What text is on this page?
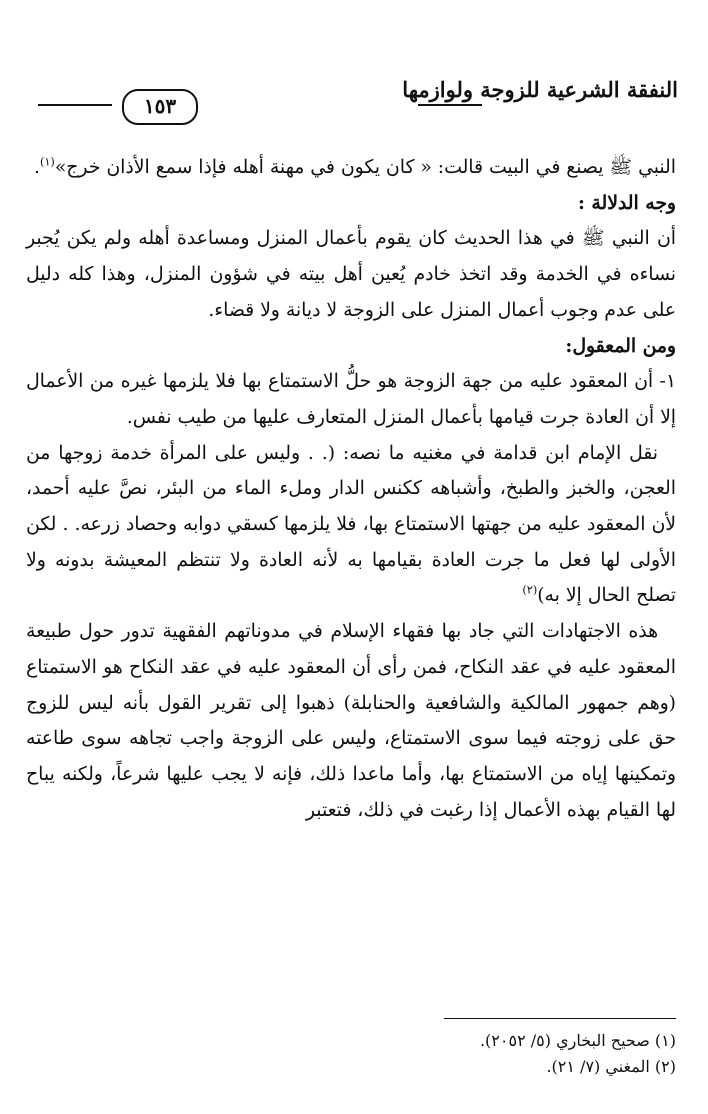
النفقة الشرعية للزوجة ولوازمها
١٥٣

النبي ﷺ يصنع في البيت قالت: « كان يكون في مهنة أهله فإذا سمع الأذان خرج»$^{(١)}$.

وجه الدلالة :

أن النبي ﷺ في هذا الحديث كان يقوم بأعمال المنزل ومساعدة أهله ولم يكن يُجبر نساءه في الخدمة وقد اتخذ خادم يُعين أهل بيته في شؤون المنزل، وهذا كله دليل على عدم وجوب أعمال المنزل على الزوجة لا ديانة ولا قضاء.

ومن المعقول:

١- أن المعقود عليه من جهة الزوجة هو حلُّ الاستمتاع بها فلا يلزمها غيره من الأعمال إلا أن العادة جرت قيامها بأعمال المنزل المتعارف عليها من طيب نفس.

نقل الإمام ابن قدامة في مغنيه ما نصه: (. . وليس على المرأة خدمة زوجها من العجن، والخبز والطبخ، وأشباهه ككنس الدار وملء الماء من البئر، نصَّ عليه أحمد، لأن المعقود عليه من جهتها الاستمتاع بها، فلا يلزمها كسقي دوابه وحصاد زرعه. . لكن الأولى لها فعل ما جرت العادة بقيامها به لأنه العادة ولا تنتظم المعيشة بدونه ولا تصلح الحال إلا به)$^{(٢)}$

هذه الاجتهادات التي جاد بها فقهاء الإسلام في مدوناتهم الفقهية تدور حول طبيعة المعقود عليه في عقد النكاح، فمن رأى أن المعقود عليه في عقد النكاح هو الاستمتاع (وهم جمهور المالكية والشافعية والحنابلة) ذهبوا إلى تقرير القول بأنه ليس للزوج حق على زوجته فيما سوى الاستمتاع، وليس على الزوجة واجب تجاهه سوى طاعته وتمكينها إياه من الاستمتاع بها، وأما ماعدا ذلك، فإنه لا يجب عليها شرعاً، ولكنه يباح لها القيام بهذه الأعمال إذا رغبت في ذلك، فتعتبر

(١) صحيح البخاري (٥/ ٢٠٥٢).

(٢) المغني (٧/ ٢١).
